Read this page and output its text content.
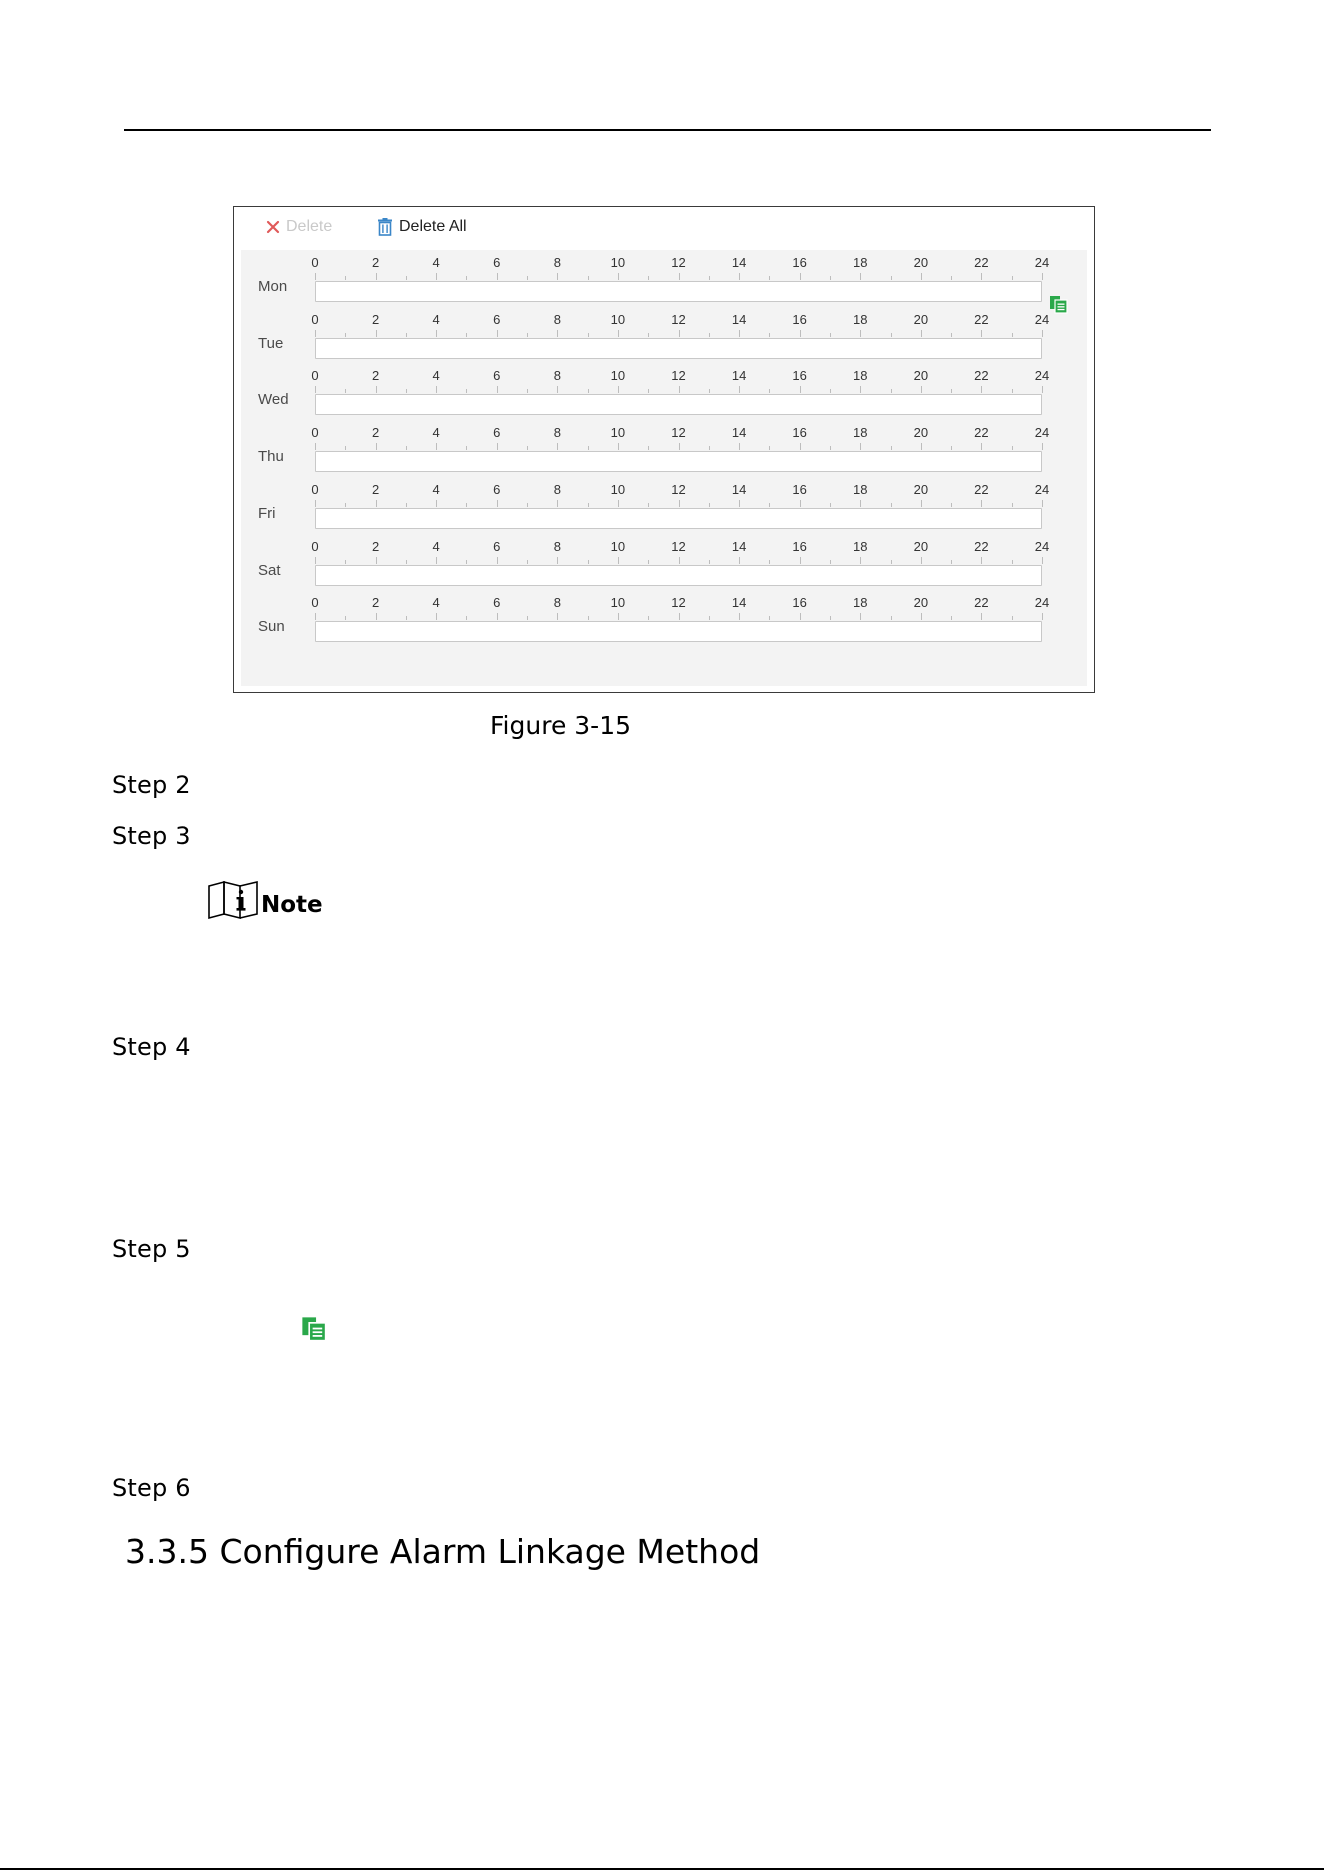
Delete	Delete All
Mon
0	2	4	6	8	10	12	14	16	18	20	22	24
Tue
0	2	4	6	8	10	12	14	16	18	20	22	24
Wed
0	2	4	6	8	10	12	14	16	18	20	22	24
Thu
0	2	4	6	8	10	12	14	16	18	20	22	24
Fri
0	2	4	6	8	10	12	14	16	18	20	22	24
Sat
0	2	4	6	8	10	12	14	16	18	20	22	24
Sun
0	2	4	6	8	10	12	14	16	18	20	22	24
Figure 3-15
Step 2
Step 3
Note
Step 4
Step 5
Step 6
3.3.5 Configure Alarm Linkage Method
